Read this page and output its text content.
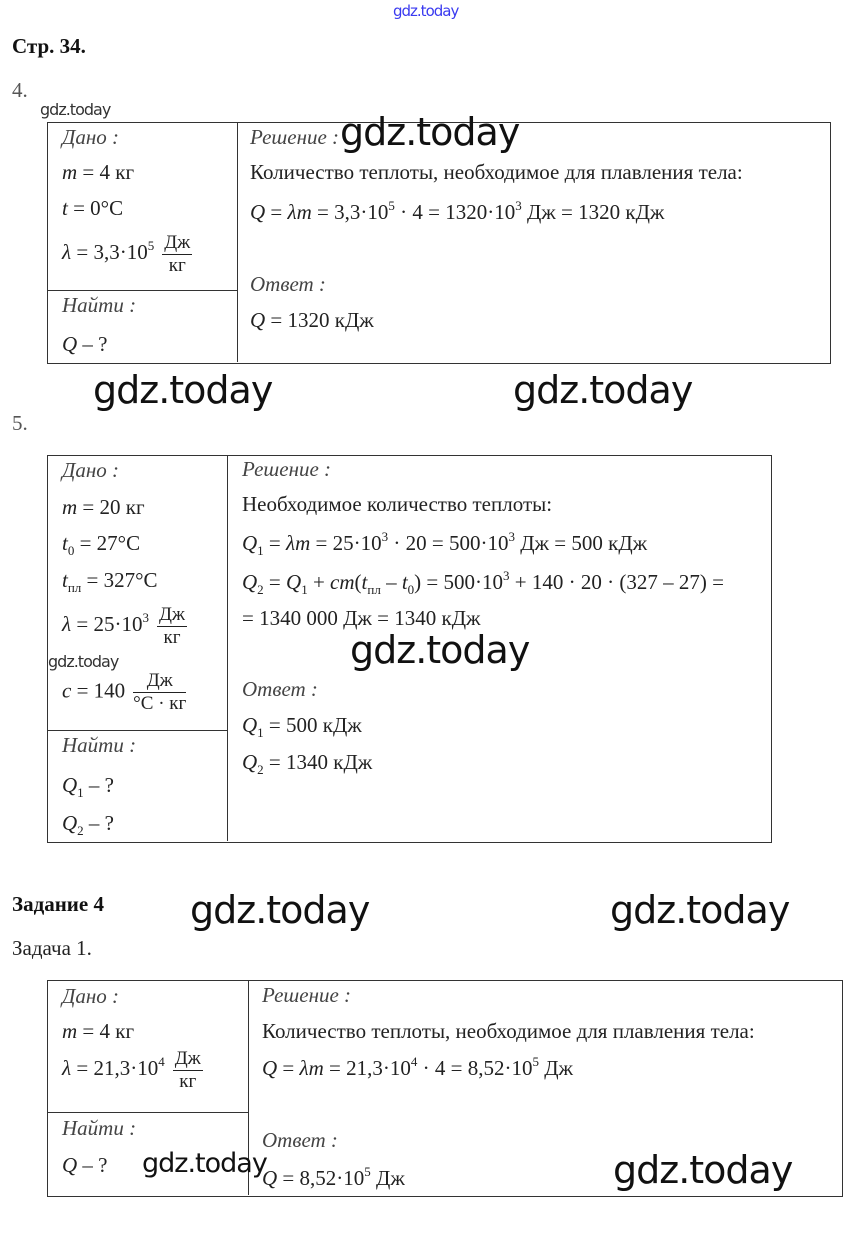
gdz.today
Стр. 34.
4.
gdz.today
Дано :
m = 4 кг
t = 0°C
$\lambda = 3,3\cdot 10^5 \frac{Дж}{кг}$
Найти :
Q – ?
Решение :
Количество теплоты, необходимое для плавления тела:
$Q = \lambda m = 3,3\cdot 10^5 \cdot 4 = 1320\cdot 10^3$ Дж = 1320 кДж
Ответ :
Q = 1320 кДж
gdz.today
gdz.today	gdz.today
5.
Дано :
m = 20 кг
$t_0 = 27^\circ C$
$t_{пл} = 327^\circ C$
$\lambda = 25\cdot 10^3 \frac{Дж}{кг}$
gdz.today
$c = 140 \frac{Дж}{^\circ С \cdot кг}$
Найти :
$Q_1$ – ?
$Q_2$ – ?
Решение :
Необходимое количество теплоты:
$Q_1 = \lambda m = 25\cdot 10^3 \cdot 20 = 500\cdot 10^3$ Дж = 500 кДж
$Q_2 = Q_1 + cm(t_{пл} - t_0) = 500\cdot 10^3 + 140 \cdot 20 \cdot (327 - 27)$ =
= 1340 000 Дж = 1340 кДж
gdz.today
Ответ :
$Q_1 = 500$ кДж
$Q_2 = 1340$ кДж
Задание 4 gdz.today	gdz.today
Задача 1.
Дано :
m = 4 кг
$\lambda = 21,3\cdot 10^4 \frac{Дж}{кг}$
Найти :
Q – ?
Решение :
Количество теплоты, необходимое для плавления тела:
$Q = \lambda m = 21,3\cdot 10^4 \cdot 4 = 8,52\cdot 10^5$ Дж
Ответ :
$Q = 8,52\cdot 10^5$ Дж
gdz.today	gdz.today
